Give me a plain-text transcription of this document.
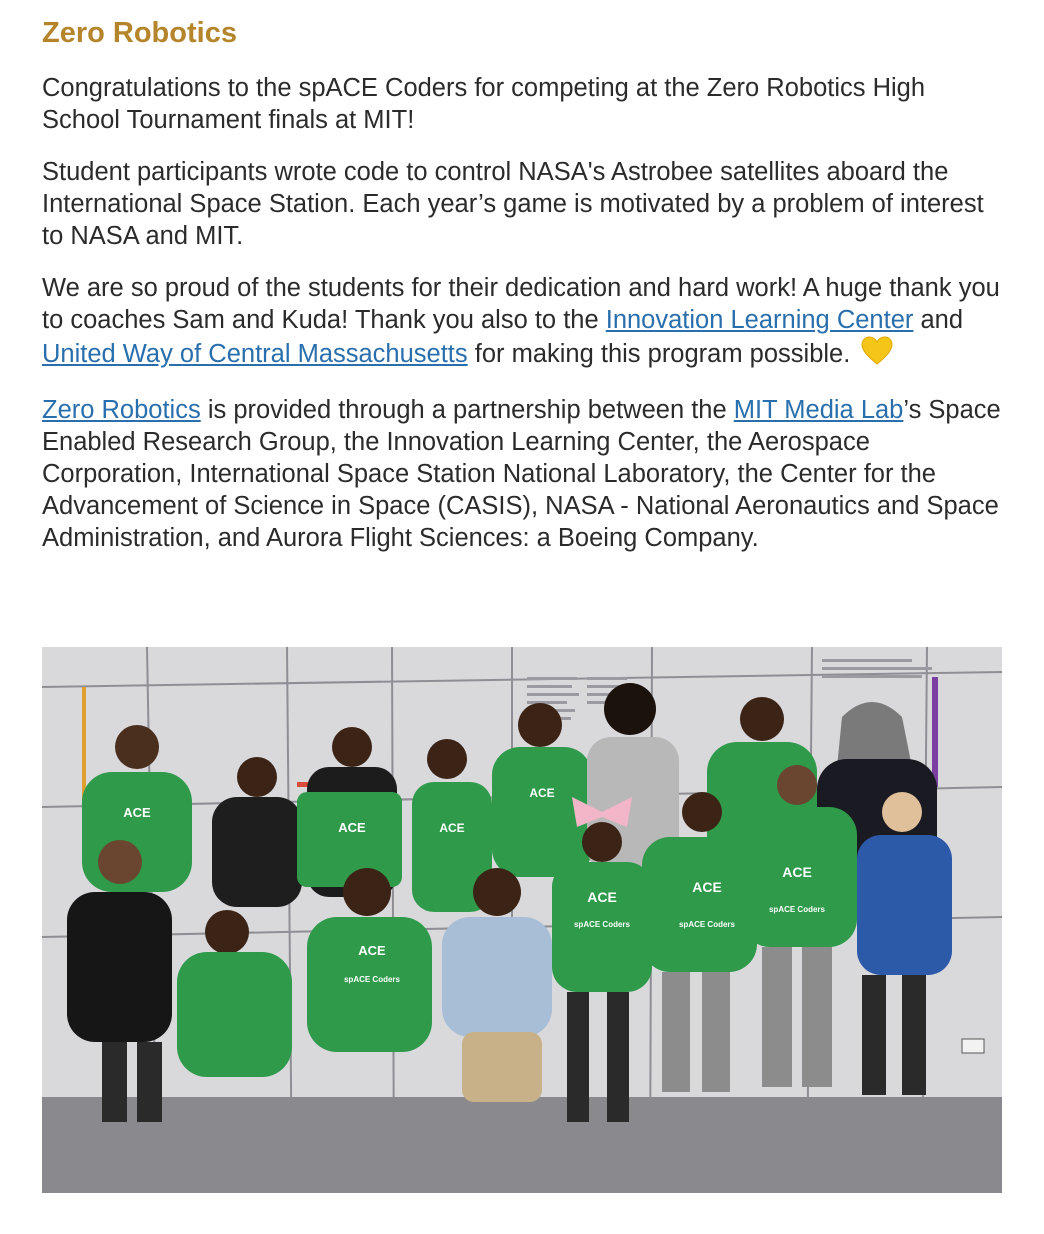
Zero Robotics

Congratulations to the spACE Coders for competing at the Zero Robotics High School Tournament finals at MIT!

Student participants wrote code to control NASA's Astrobee satellites aboard the International Space Station. Each year’s game is motivated by a problem of interest to NASA and MIT.

We are so proud of the students for their dedication and hard work! A huge thank you to coaches Sam and Kuda! Thank you also to the Innovation Learning Center and United Way of Central Massachusetts for making this program possible.

Zero Robotics is provided through a partnership between the MIT Media Lab’s Space Enabled Research Group, the Innovation Learning Center, the Aerospace Corporation, International Space Station National Laboratory, the Center for the Advancement of Science in Space (CASIS), NASA - National Aeronautics and Space Administration, and Aurora Flight Sciences: a Boeing Company.

ACE
ACE	ACE
ACE
ACE
ACE
ACE
ACE
spACE Coders	spACE Coders
spACE Coders
spACE Coders
